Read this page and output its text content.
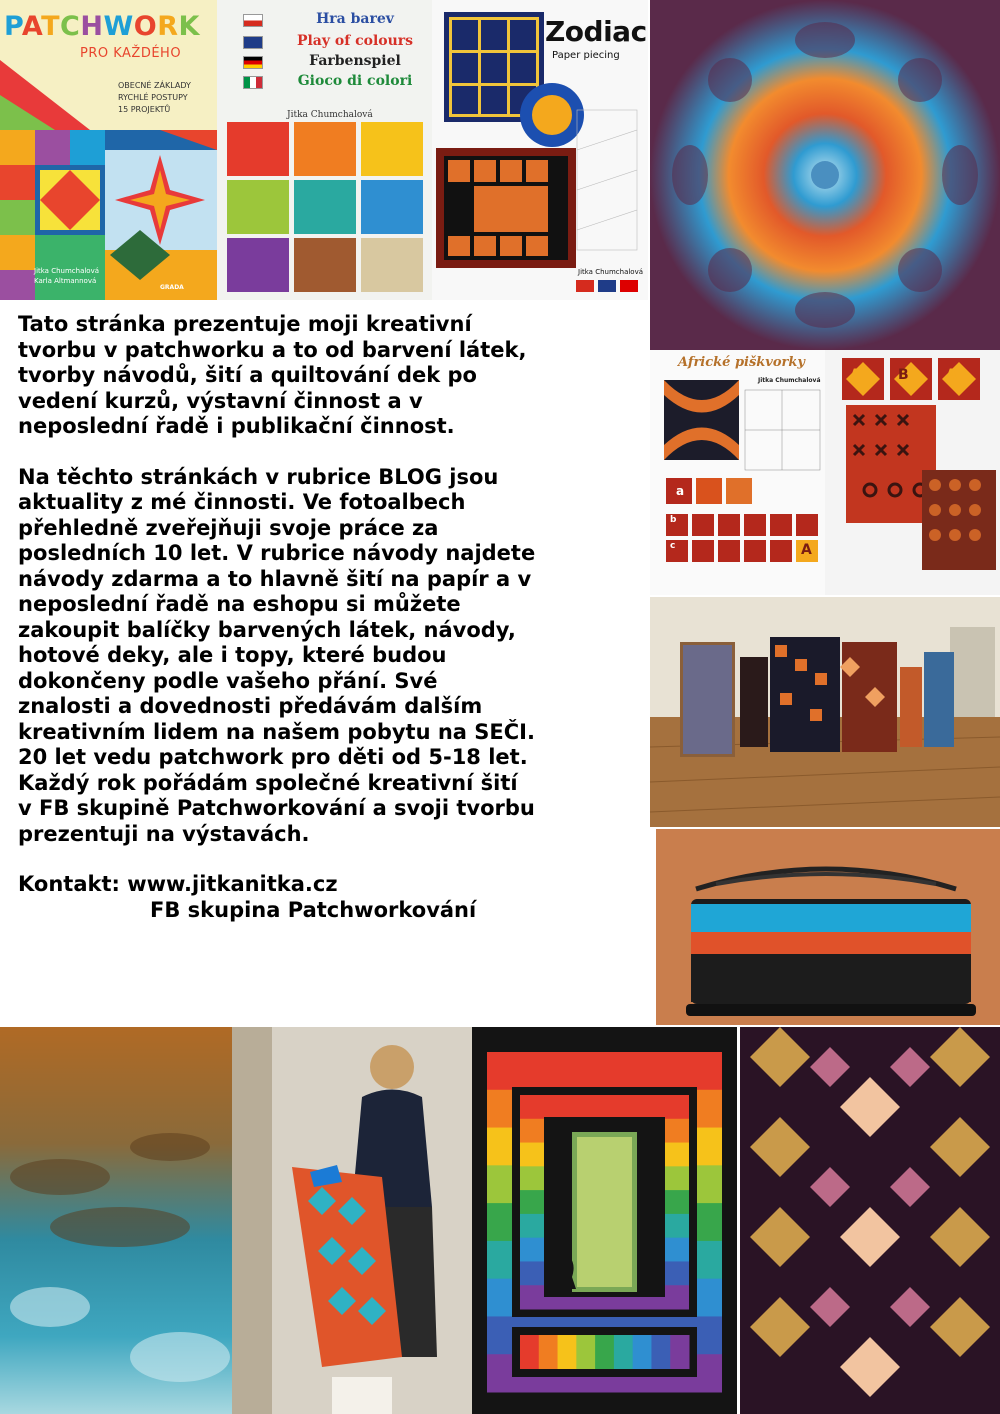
PATCHWORK
PRO KAŽDÉHO
OBECNÉ ZÁKLADY
RYCHLÉ POSTUPY
15 PROJEKTŮ
Jitka Chumchalová
Karla Altmannová
GRADA
Hra barev
Play of colours
Farbenspiel
Gioco di colori
Jitka Chumchalová
Zodiac
Paper piecing
Jitka Chumchalová
Africké piškvorky
Jitka Chumchalová A	B	A
a
b
c	A

Tato stránka prezentuje moji kreativní
tvorbu v patchworku a to od barvení látek,
tvorby návodů, šití a quiltování dek po
vedení kurzů, výstavní činnost a v
neposlední řadě i publikační činnost.

Na těchto stránkách v rubrice BLOG jsou
aktuality z mé činnosti. Ve fotoalbech
přehledně zveřejňuji svoje práce za
posledních 10 let. V rubrice návody najdete
návody zdarma a to hlavně šití na papír a v
neposlední řadě na eshopu si můžete
zakoupit balíčky barvených látek, návody,
hotové deky, ale i topy, které budou
dokončeny podle vašeho přání. Své
znalosti a dovednosti předávám dalším
kreativním lidem na našem pobytu na SEČI.
20 let vedu patchwork pro děti od 5-18 let.
Každý rok pořádám společné kreativní šití
v FB skupině Patchworkování a svoji tvorbu
prezentuji na výstavách.

Kontakt: www.jitkanitka.cz
FB skupina Patchworkování
